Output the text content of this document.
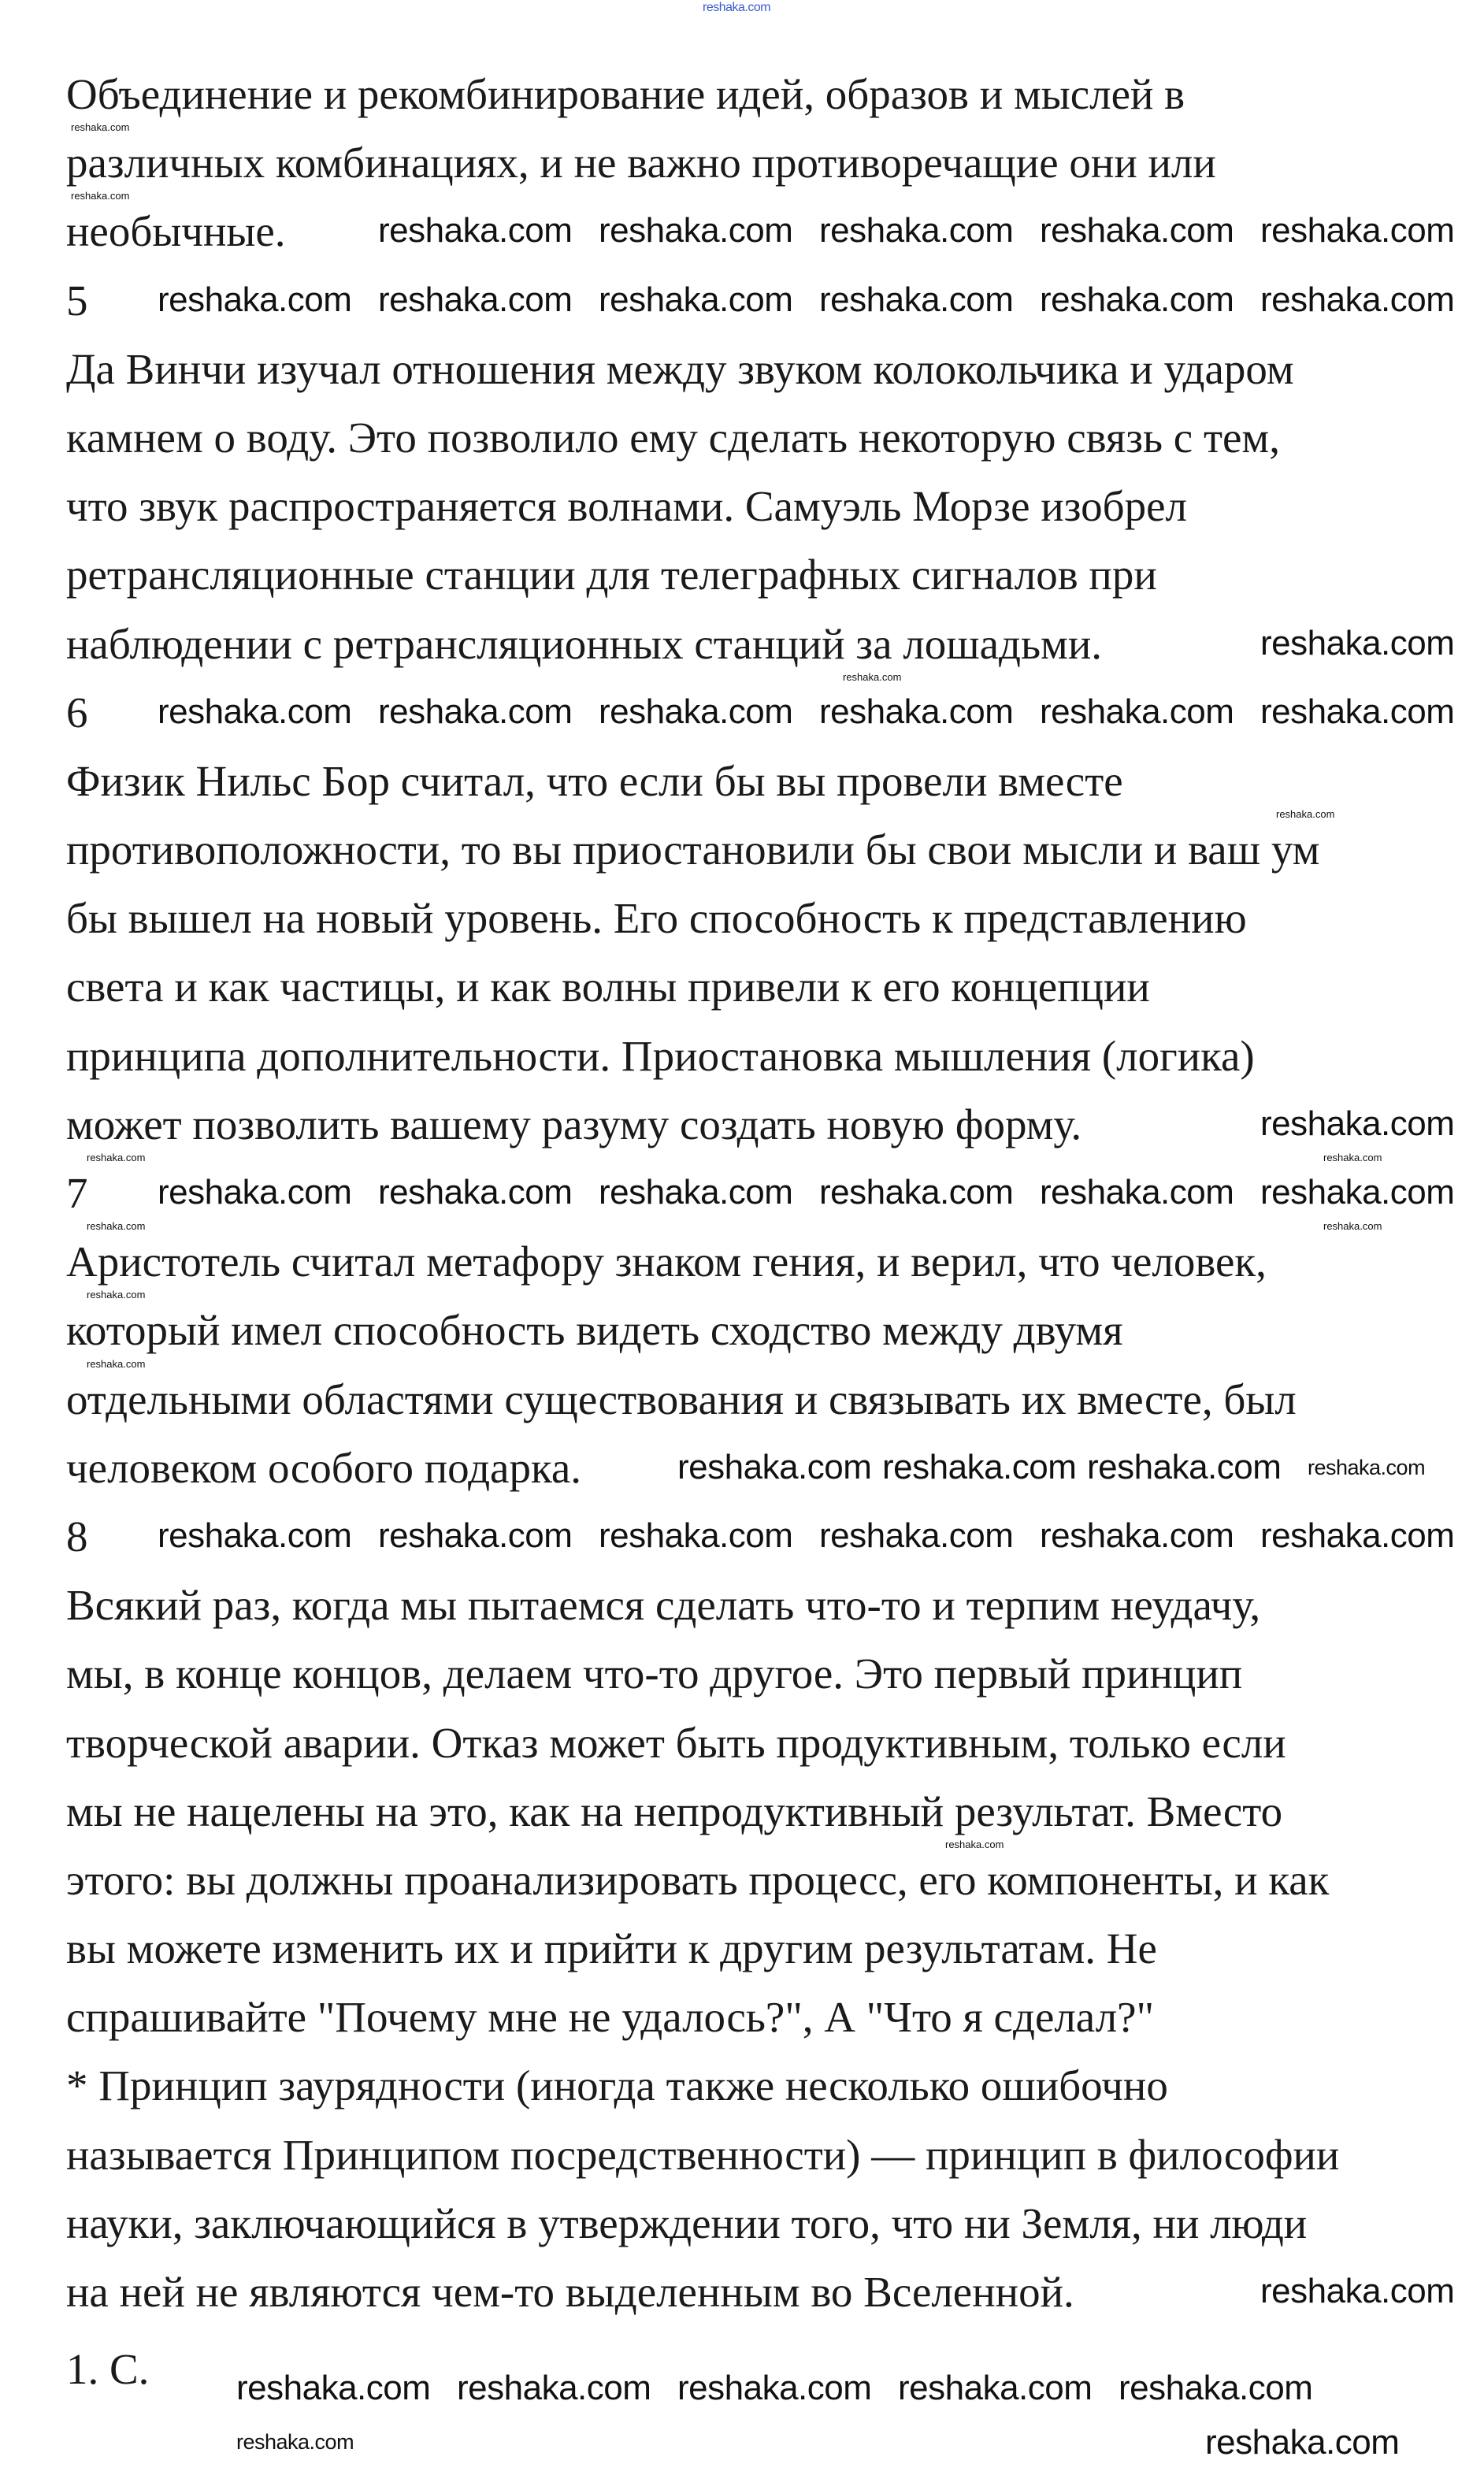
reshaka.com
Объединение и рекомбинирование идей, образов и мыслей в
различных комбинациях, и не важно противоречащие они или
необычные.
5
Да Винчи изучал отношения между звуком колокольчика и ударом
камнем о воду. Это позволило ему сделать некоторую связь с тем,
что звук распространяется волнами. Самуэль Морзе изобрел
ретрансляционные станции для телеграфных сигналов при
наблюдении с ретрансляционных станций за лошадьми.
6
Физик Нильс Бор считал, что если бы вы провели вместе
противоположности, то вы приостановили бы свои мысли и ваш ум
бы вышел на новый уровень. Его способность к представлению
света и как частицы, и как волны привели к его концепции
принципа дополнительности. Приостановка мышления (логика)
может позволить вашему разуму создать новую форму.
7
Аристотель считал метафору знаком гения, и верил, что человек,
который имел способность видеть сходство между двумя
отдельными областями существования и связывать их вместе, был
человеком особого подарка.
8
Всякий раз, когда мы пытаемся сделать что-то и терпим неудачу,
мы, в конце концов, делаем что-то другое. Это первый принцип
творческой аварии. Отказ может быть продуктивным, только если
мы не нацелены на это, как на непродуктивный результат. Вместо
этого: вы должны проанализировать процесс, его компоненты, и как
вы можете изменить их и прийти к другим результатам. Не
спрашивайте "Почему мне не удалось?", А "Что я сделал?"
* Принцип заурядности (иногда также несколько ошибочно
называется Принципом посредственности) — принцип в философии
науки, заключающийся в утверждении того, что ни Земля, ни люди
на ней не являются чем-то выделенным во Вселенной.
1. С.
reshaka.com reshaka.com reshaka.com reshaka.com reshaka.com reshaka.com
reshaka.com reshaka.com reshaka.com reshaka.com reshaka.com reshaka.com
reshaka.com reshaka.com reshaka.com reshaka.com reshaka.com reshaka.com
reshaka.com reshaka.com reshaka.com reshaka.com reshaka.com reshaka.com
reshaka.com reshaka.com reshaka.com reshaka.com reshaka.com
reshaka.com reshaka.com reshaka.com
reshaka.com reshaka.com reshaka.com reshaka.com reshaka.com
reshaka.com
reshaka.com
reshaka.com
reshaka.com
reshaka.com
reshaka.com
reshaka.com
reshaka.com
reshaka.com
reshaka.com
reshaka.com
reshaka.com
reshaka.com
reshaka.com
reshaka.com
reshaka.com
reshaka.com
